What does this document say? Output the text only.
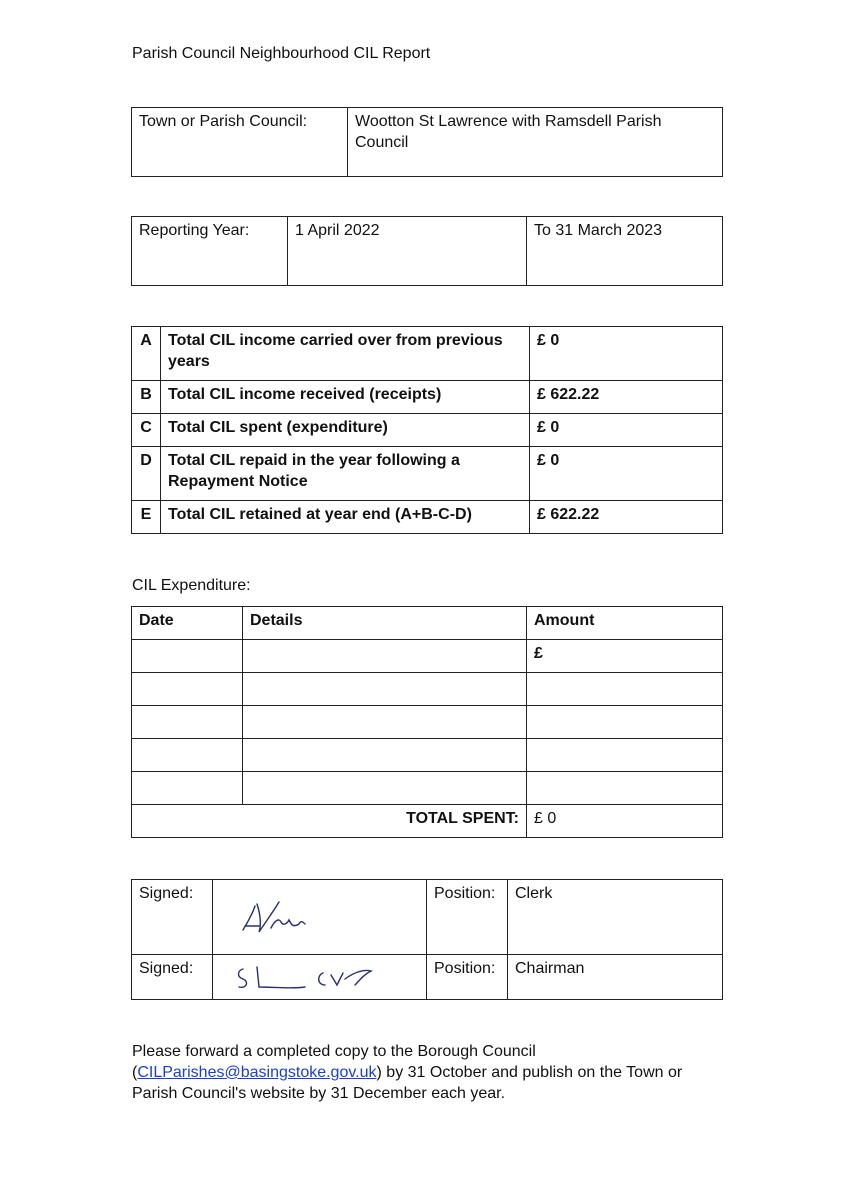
Parish Council Neighbourhood CIL Report
Town or Parish Council:	Wootton St Lawrence with Ramsdell Parish Council
Reporting Year:	1 April 2022	To 31 March 2023
A	Total CIL income carried over from previous years	£ 0
B	Total CIL income received (receipts)	£ 622.22
C	Total CIL spent (expenditure)	£ 0
D	Total CIL repaid in the year following a Repayment Notice	£ 0
E	Total CIL retained at year end (A+B-C-D)	£ 622.22
CIL Expenditure:
Date	Details	Amount
		£

TOTAL SPENT:		£ 0
Signed:		Position:	Clerk
Signed:		Position:	Chairman
Please forward a completed copy to the Borough Council
(CILParishes@basingstoke.gov.uk) by 31 October and publish on the Town or
Parish Council's website by 31 December each year.
